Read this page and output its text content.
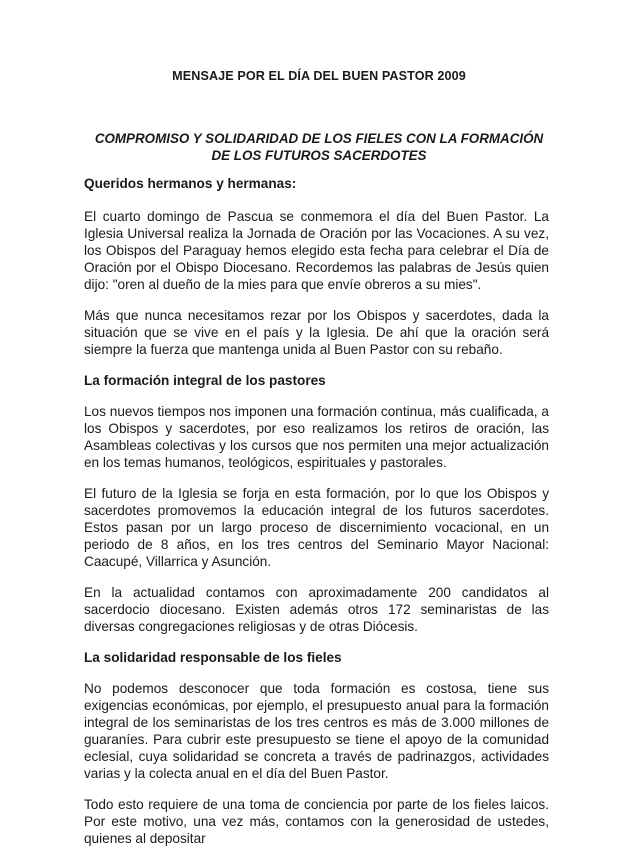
MENSAJE POR EL DÍA DEL BUEN PASTOR 2009
COMPROMISO Y SOLIDARIDAD DE LOS FIELES CON LA FORMACIÓN DE LOS FUTUROS SACERDOTES

Queridos hermanos y hermanas:

El cuarto domingo de Pascua se conmemora el día del Buen Pastor. La Iglesia Universal realiza la Jornada de Oración por las Vocaciones. A su vez, los Obispos del Paraguay hemos elegido esta fecha para celebrar el Día de Oración por el Obispo Diocesano. Recordemos las palabras de Jesús quien dijo: "oren al dueño de la mies para que envíe obreros a su mies".

Más que nunca necesitamos rezar por los Obispos y sacerdotes, dada la situación que se vive en el país y la Iglesia. De ahí que la oración será siempre la fuerza que mantenga unida al Buen Pastor con su rebaño.

La formación integral de los pastores

Los nuevos tiempos nos imponen una formación continua, más cualificada, a los Obispos y sacerdotes, por eso realizamos los retiros de oración, las Asambleas colectivas y los cursos que nos permiten una mejor actualización en los temas humanos, teológicos, espirituales y pastorales.

El futuro de la Iglesia se forja en esta formación, por lo que los Obispos y sacerdotes promovemos la educación integral de los futuros sacerdotes. Estos pasan por un largo proceso de discernimiento vocacional, en un periodo de 8 años, en los tres centros del Seminario Mayor Nacional: Caacupé, Villarrica y Asunción.

En la actualidad contamos con aproximadamente 200 candidatos al sacerdocio diocesano. Existen además otros 172 seminaristas de las diversas congregaciones religiosas y de otras Diócesis.

La solidaridad responsable de los fieles

No podemos desconocer que toda formación es costosa, tiene sus exigencias económicas, por ejemplo, el presupuesto anual para la formación integral de los seminaristas de los tres centros es más de 3.000 millones de guaraníes. Para cubrir este presupuesto se tiene el apoyo de la comunidad eclesial, cuya solidaridad se concreta a través de padrinazgos, actividades varias y la colecta anual en el día del Buen Pastor.

Todo esto requiere de una toma de conciencia por parte de los fieles laicos. Por este motivo, una vez más, contamos con la generosidad de ustedes, quienes al depositar
